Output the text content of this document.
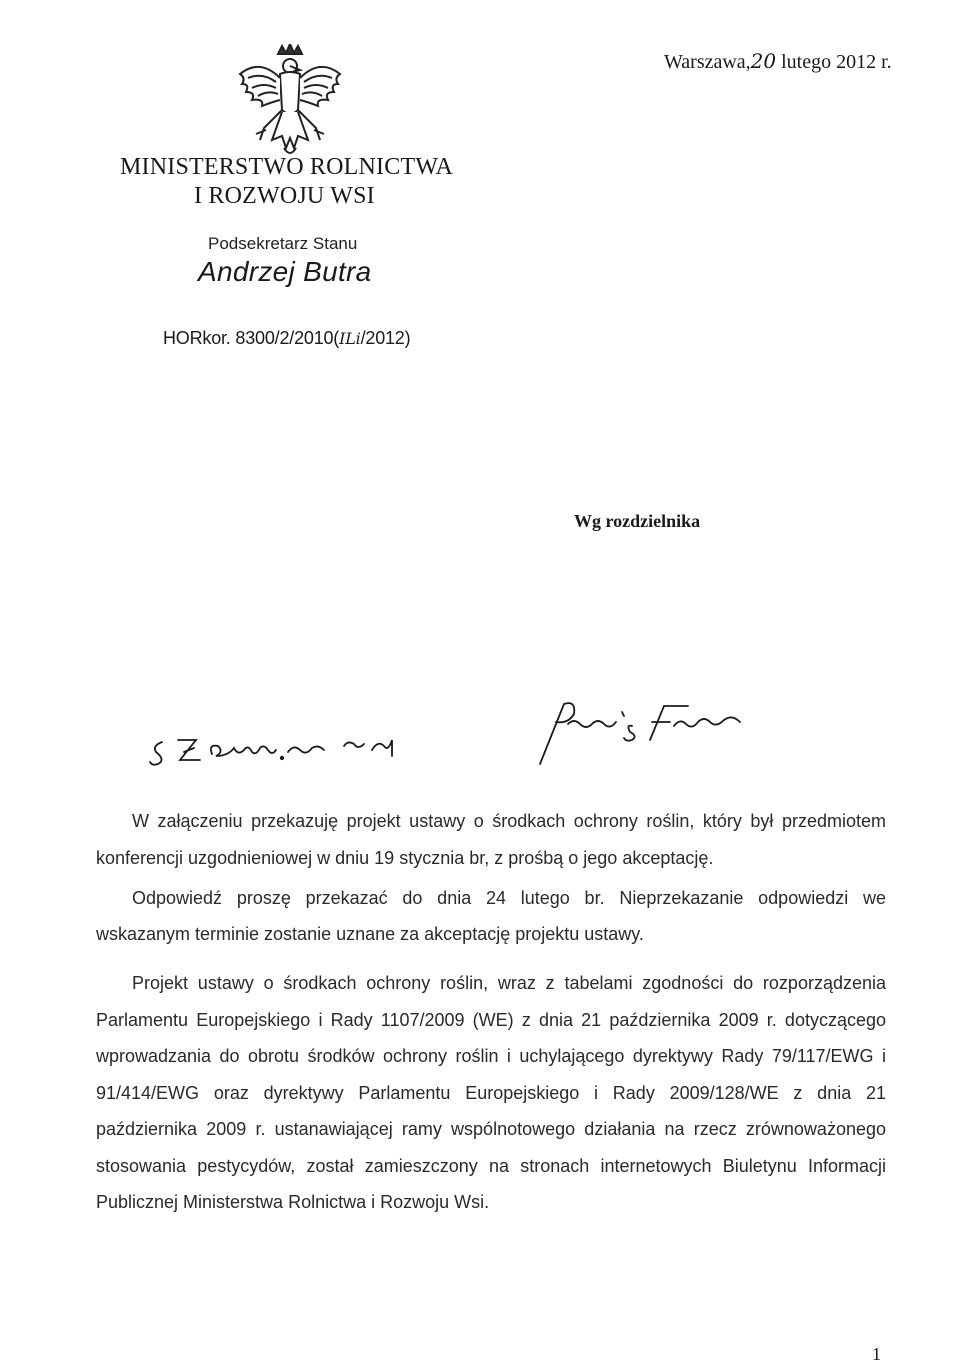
MINISTERSTWO ROLNICTWA
I ROZWOJU WSI
Warszawa,20 lutego 2012 r.
Podsekretarz Stanu
Andrzej Butra
HORkor. 8300/2/2010(ILi/2012)
Wg rozdzielnika

W załączeniu przekazuję projekt ustawy o środkach ochrony roślin, który był przedmiotem konferencji uzgodnieniowej w dniu 19 stycznia br, z prośbą o jego akceptację.

Odpowiedź proszę przekazać do dnia 24 lutego br. Nieprzekazanie odpowiedzi we wskazanym terminie zostanie uznane za akceptację projektu ustawy.

Projekt ustawy o środkach ochrony roślin, wraz z tabelami zgodności do rozporządzenia Parlamentu Europejskiego i Rady 1107/2009 (WE) z dnia 21 października 2009 r. dotyczącego wprowadzania do obrotu środków ochrony roślin i uchylającego dyrektywy Rady 79/117/EWG i 91/414/EWG oraz dyrektywy Parlamentu Europejskiego i Rady 2009/128/WE z dnia 21 października 2009 r. ustanawiającej ramy wspólnotowego działania na rzecz zrównoważonego stosowania pestycydów, został zamieszczony na stronach internetowych Biuletynu Informacji Publicznej Ministerstwa Rolnictwa i Rozwoju Wsi.

1
